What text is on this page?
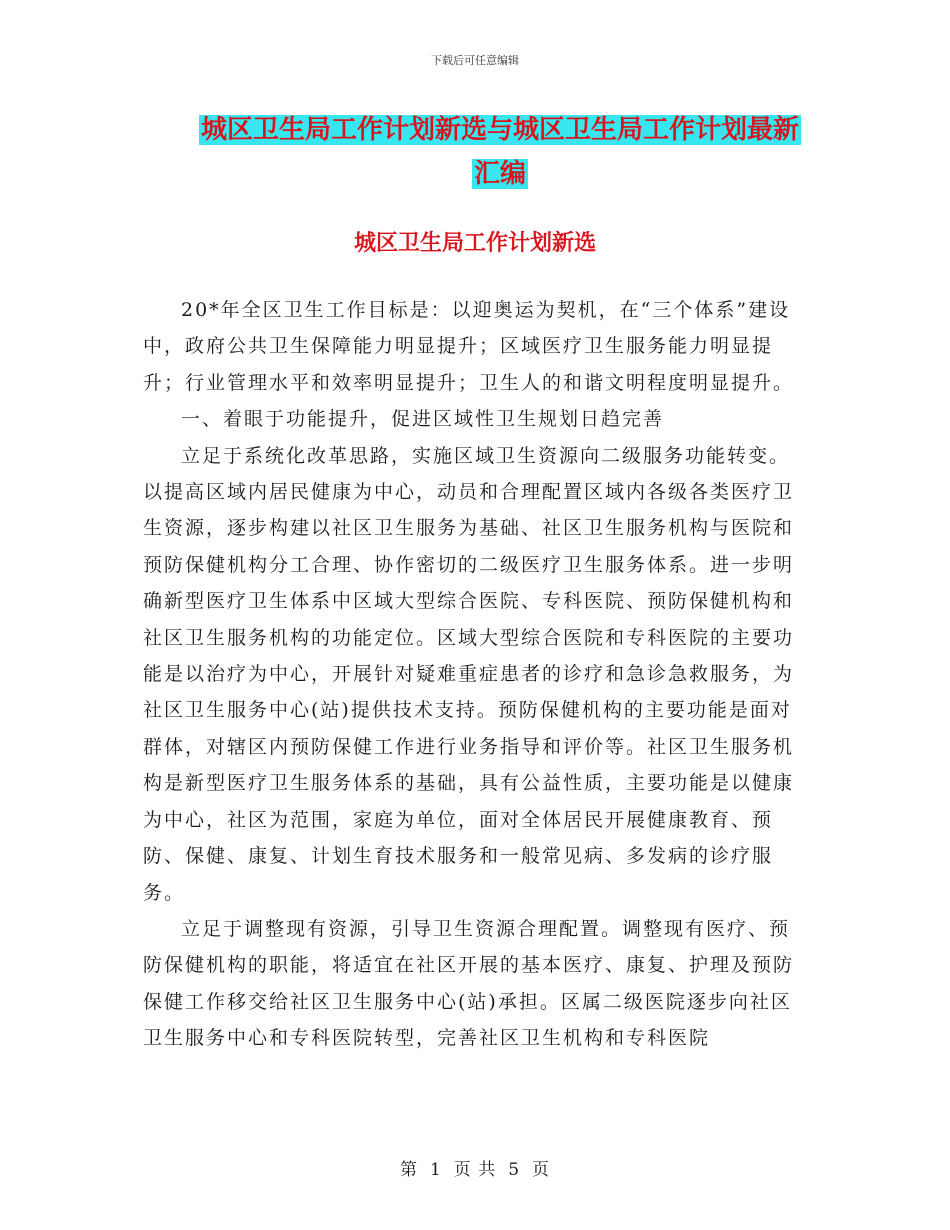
下载后可任意编辑
城区卫生局工作计划新选与城区卫生局工作计划最新
汇编
城区卫生局工作计划新选

20*年全区卫生工作目标是：以迎奥运为契机，在“三个体系”建设中，政府公共卫生保障能力明显提升；区域医疗卫生服务能力明显提升；行业管理水平和效率明显提升；卫生人的和谐文明程度明显提升。

一、着眼于功能提升，促进区域性卫生规划日趋完善

立足于系统化改革思路，实施区域卫生资源向二级服务功能转变。以提高区域内居民健康为中心，动员和合理配置区域内各级各类医疗卫生资源，逐步构建以社区卫生服务为基础、社区卫生服务机构与医院和预防保健机构分工合理、协作密切的二级医疗卫生服务体系。进一步明确新型医疗卫生体系中区域大型综合医院、专科医院、预防保健机构和社区卫生服务机构的功能定位。区域大型综合医院和专科医院的主要功能是以治疗为中心，开展针对疑难重症患者的诊疗和急诊急救服务，为社区卫生服务中心(站)提供技术支持。预防保健机构的主要功能是面对群体，对辖区内预防保健工作进行业务指导和评价等。社区卫生服务机构是新型医疗卫生服务体系的基础，具有公益性质，主要功能是以健康为中心，社区为范围，家庭为单位，面对全体居民开展健康教育、预防、保健、康复、计划生育技术服务和一般常见病、多发病的诊疗服务。

立足于调整现有资源，引导卫生资源合理配置。调整现有医疗、预防保健机构的职能，将适宜在社区开展的基本医疗、康复、护理及预防保健工作移交给社区卫生服务中心(站)承担。区属二级医院逐步向社区卫生服务中心和专科医院转型，完善社区卫生机构和专科医院

第 1 页 共 5 页
